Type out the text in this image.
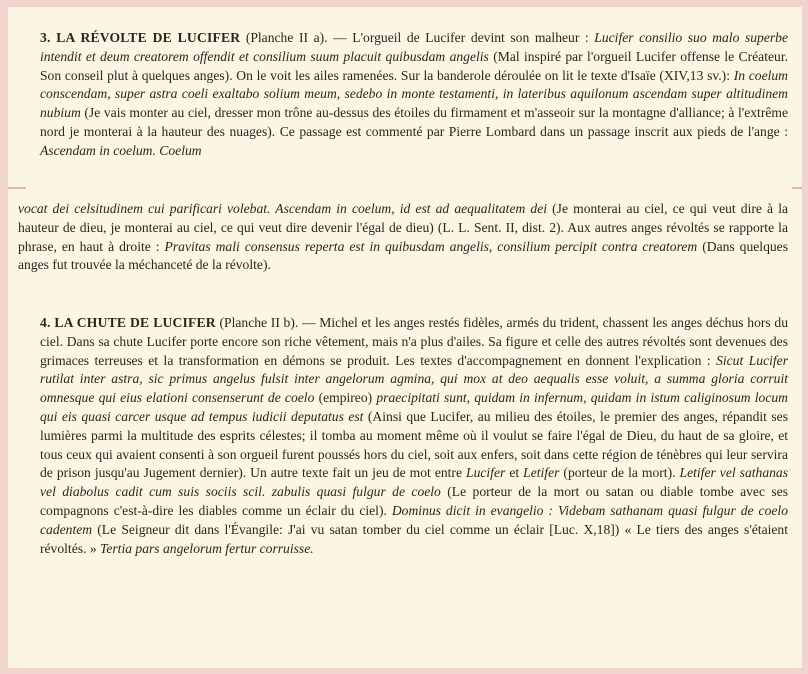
3. LA RÉVOLTE DE LUCIFER (Planche II a). — L'orgueil de Lucifer devint son malheur : Lucifer consilio suo malo superbe intendit et deum creatorem offendit et consilium suum placuit quibusdam angelis (Mal inspiré par l'orgueil Lucifer offense le Créateur. Son conseil plut à quelques anges). On le voit les ailes ramenées. Sur la banderole déroulée on lit le texte d'Isaïe (XIV,13 sv.): In coelum conscendam, super astra coeli exaltabo solium meum, sedebo in monte testamenti, in lateribus aquilonum ascendam super altitudinem nubium (Je vais monter au ciel, dresser mon trône au-dessus des étoiles du firmament et m'asseoir sur la montagne d'alliance; à l'extrême nord je monterai à la hauteur des nuages). Ce passage est commenté par Pierre Lombard dans un passage inscrit aux pieds de l'ange : Ascendam in coelum. Coelum

vocat dei celsitudinem cui parificari volebat. Ascendam in coelum, id est ad aequalitatem dei (Je monterai au ciel, ce qui veut dire à la hauteur de dieu, je monterai au ciel, ce qui veut dire devenir l'égal de dieu) (L. L. Sent. II, dist. 2). Aux autres anges révoltés se rapporte la phrase, en haut à droite : Pravitas mali consensus reperta est in quibusdam angelis, consilium percipit contra creatorem (Dans quelques anges fut trouvée la méchanceté de la révolte).

4. LA CHUTE DE LUCIFER (Planche II b). — Michel et les anges restés fidèles, armés du trident, chassent les anges déchus hors du ciel. Dans sa chute Lucifer porte encore son riche vêtement, mais n'a plus d'ailes. Sa figure et celle des autres révoltés sont devenues des grimaces terreuses et la transformation en démons se produit. Les textes d'accompagnement en donnent l'explication : Sicut Lucifer rutilat inter astra, sic primus angelus fulsit inter angelorum agmina, qui mox at deo aequalis esse voluit, a summa gloria corruit omnesque qui eius elationi consenserunt de coelo (empireo) praecipitati sunt, quidam in infernum, quidam in istum caliginosum locum qui eis quasi carcer usque ad tempus iudicii deputatus est (Ainsi que Lucifer, au milieu des étoiles, le premier des anges, répandit ses lumières parmi la multitude des esprits célestes; il tomba au moment même où il voulut se faire l'égal de Dieu, du haut de sa gloire, et tous ceux qui avaient consenti à son orgueil furent poussés hors du ciel, soit aux enfers, soit dans cette région de ténèbres qui leur servira de prison jusqu'au Jugement dernier). Un autre texte fait un jeu de mot entre Lucifer et Letifer (porteur de la mort). Letifer vel sathanas vel diabolus cadit cum suis sociis scil. zabulis quasi fulgur de coelo (Le porteur de la mort ou satan ou diable tombe avec ses compagnons c'est-à-dire les diables comme un éclair du ciel). Dominus dicit in evangelio : Videbam sathanam quasi fulgur de coelo cadentem (Le Seigneur dit dans l'Évangile: J'ai vu satan tomber du ciel comme un éclair [Luc. X,18]) « Le tiers des anges s'étaient révoltés. » Tertia pars angelorum fertur corruisse.
